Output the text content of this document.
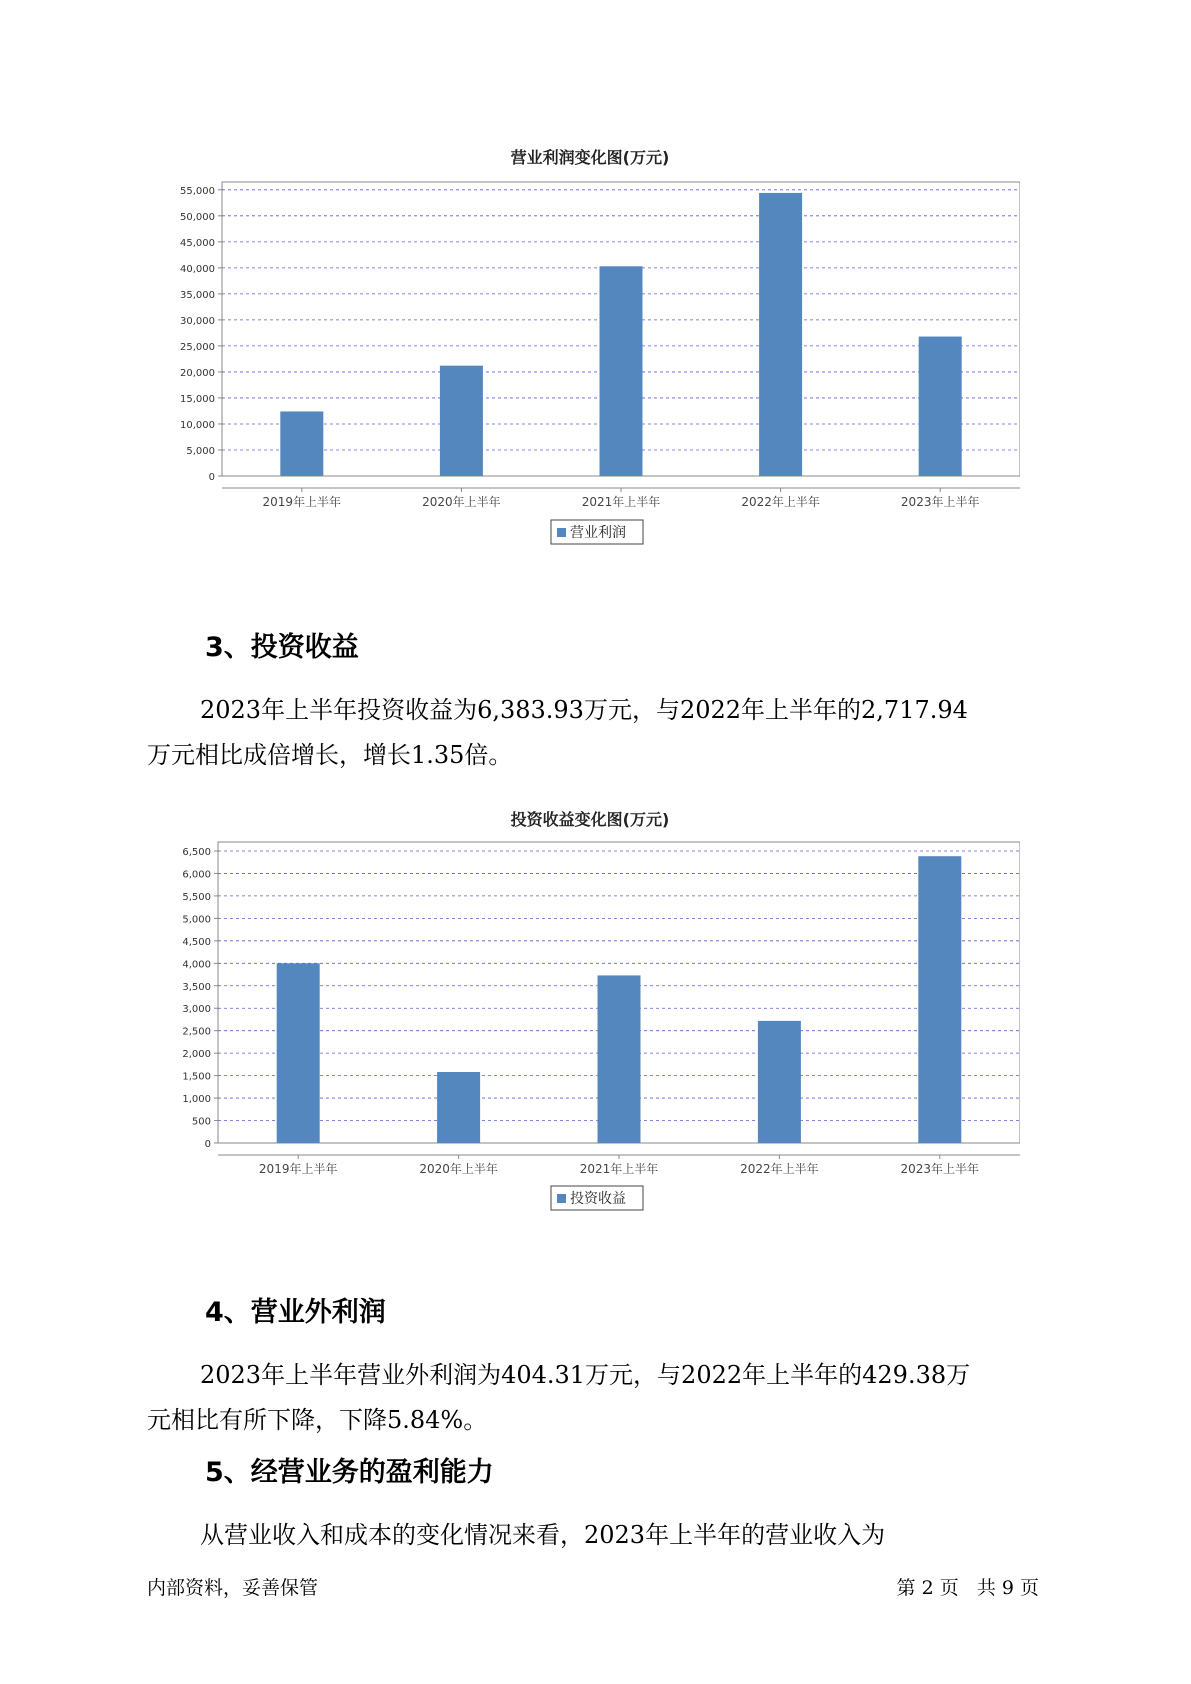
营业利润变化图(万元)
0
5,000
10,000
15,000
20,000
25,000
30,000
35,000
40,000
45,000
50,000
55,000
2019年上半年	2020年上半年	2021年上半年	2022年上半年	2023年上半年
营业利润
3、投资收益
2023年上半年投资收益为6,383.93万元，与2022年上半年的2,717.94
万元相比成倍增长，增长1.35倍。
投资收益变化图(万元)
0
500
1,000
1,500
2,000
2,500
3,000
3,500
4,000
4,500
5,000
5,500
6,000
6,500
2019年上半年	2020年上半年	2021年上半年	2022年上半年	2023年上半年
投资收益
4、营业外利润
2023年上半年营业外利润为404.31万元，与2022年上半年的429.38万
元相比有所下降，下降5.84%。
5、经营业务的盈利能力
从营业收入和成本的变化情况来看，2023年上半年的营业收入为
内部资料，妥善保管	第 2 页   共 9 页
